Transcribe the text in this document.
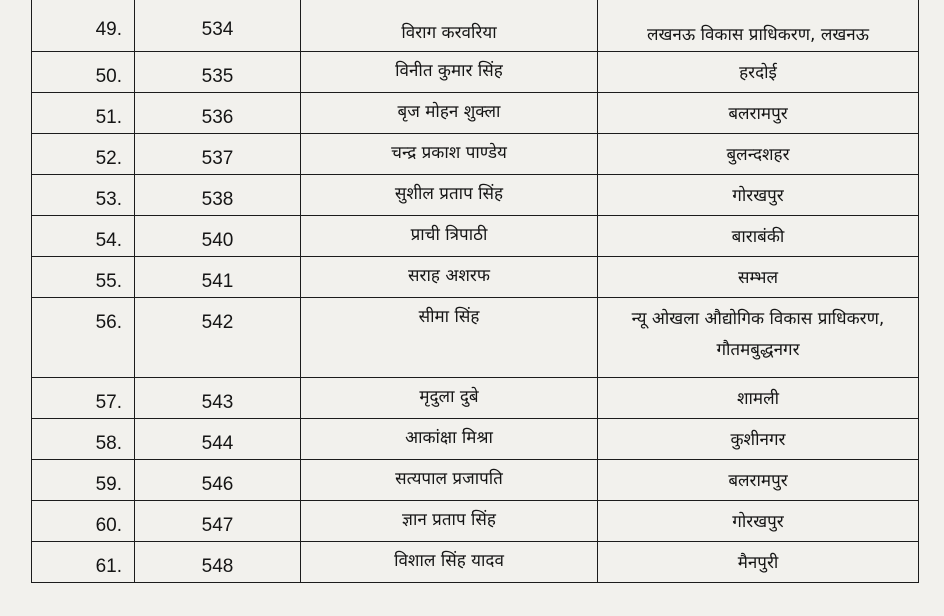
49.	534	विराग करवरिया	लखनऊ विकास प्राधिकरण, लखनऊ
50.	535	विनीत कुमार सिंह	हरदोई
51.	536	बृज मोहन शुक्ला	बलरामपुर
52.	537	चन्द्र प्रकाश पाण्डेय	बुलन्दशहर
53.	538	सुशील प्रताप सिंह	गोरखपुर
54.	540	प्राची त्रिपाठी	बाराबंकी
55.	541	सराह अशरफ	सम्भल
56.	542	सीमा सिंह	न्यू ओखला औद्योगिक विकास प्राधिकरण, गौतमबुद्धनगर
57.	543	मृदुला दुबे	शामली
58.	544	आकांक्षा मिश्रा	कुशीनगर
59.	546	सत्यपाल प्रजापति	बलरामपुर
60.	547	ज्ञान प्रताप सिंह	गोरखपुर
61.	548	विशाल सिंह यादव	मैनपुरी
